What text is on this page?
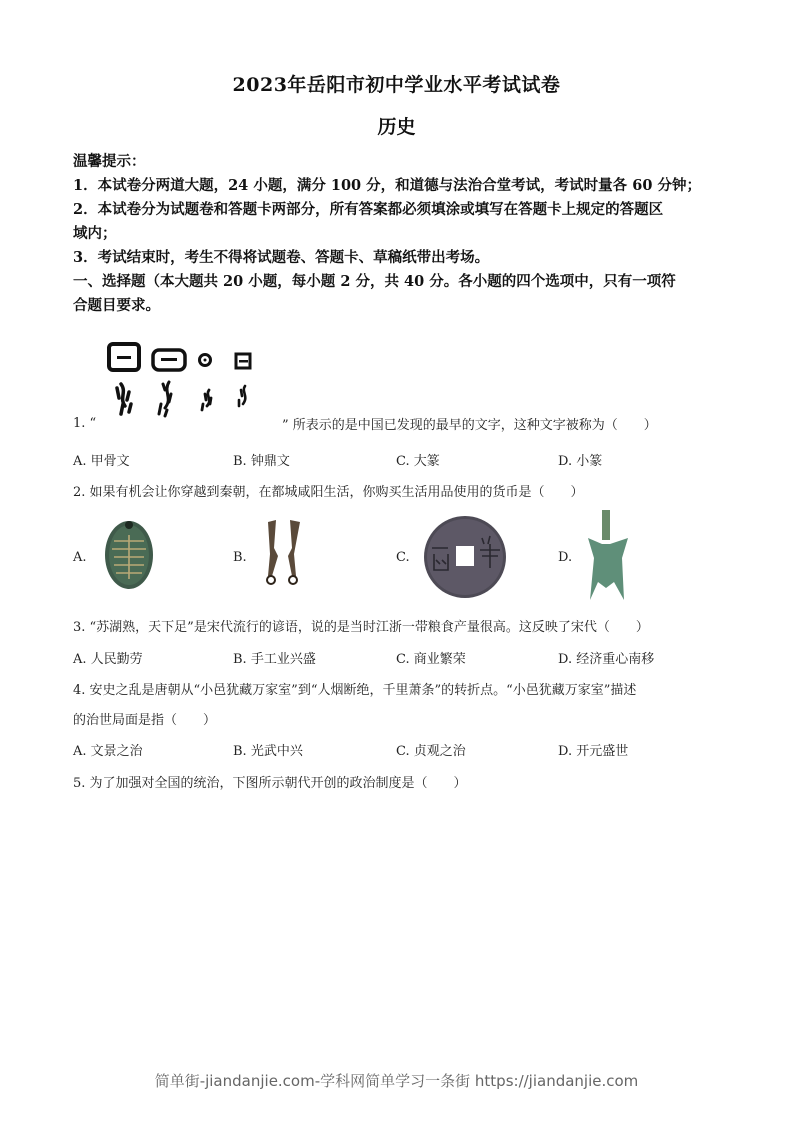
2023年岳阳市初中学业水平考试试卷
历史
温馨提示：
1．本试卷分两道大题，24 小题，满分 100 分，和道德与法治合堂考试，考试时量各 60 分钟；
2．本试卷分为试题卷和答题卡两部分，所有答案都必须填涂或填写在答题卡上规定的答题区
域内；
3．考试结束时，考生不得将试题卷、答题卡、草稿纸带出考场。
一、选择题（本大题共 20 小题，每小题 2 分，共 40 分。各小题的四个选项中，只有一项符
合题目要求。
1. “	” 所表示的是中国已发现的最早的文字，这种文字被称为（　　）
A. 甲骨文	B. 钟鼎文	C. 大篆	D. 小篆
2. 如果有机会让你穿越到秦朝，在都城咸阳生活，你购买生活用品使用的货币是（　　）
A.	B.	C.	D.
3. “苏湖熟，天下足”是宋代流行的谚语，说的是当时江浙一带粮食产量很高。这反映了宋代（　　）
A. 人民勤劳	B. 手工业兴盛	C. 商业繁荣	D. 经济重心南移
4. 安史之乱是唐朝从“小邑犹藏万家室”到“人烟断绝，千里萧条”的转折点。“小邑犹藏万家室”描述
的治世局面是指（　　）
A. 文景之治	B. 光武中兴	C. 贞观之治	D. 开元盛世
5. 为了加强对全国的统治，下图所示朝代开创的政治制度是（　　）
简单街-jiandanjie.com-学科网简单学习一条街 https://jiandanjie.com
